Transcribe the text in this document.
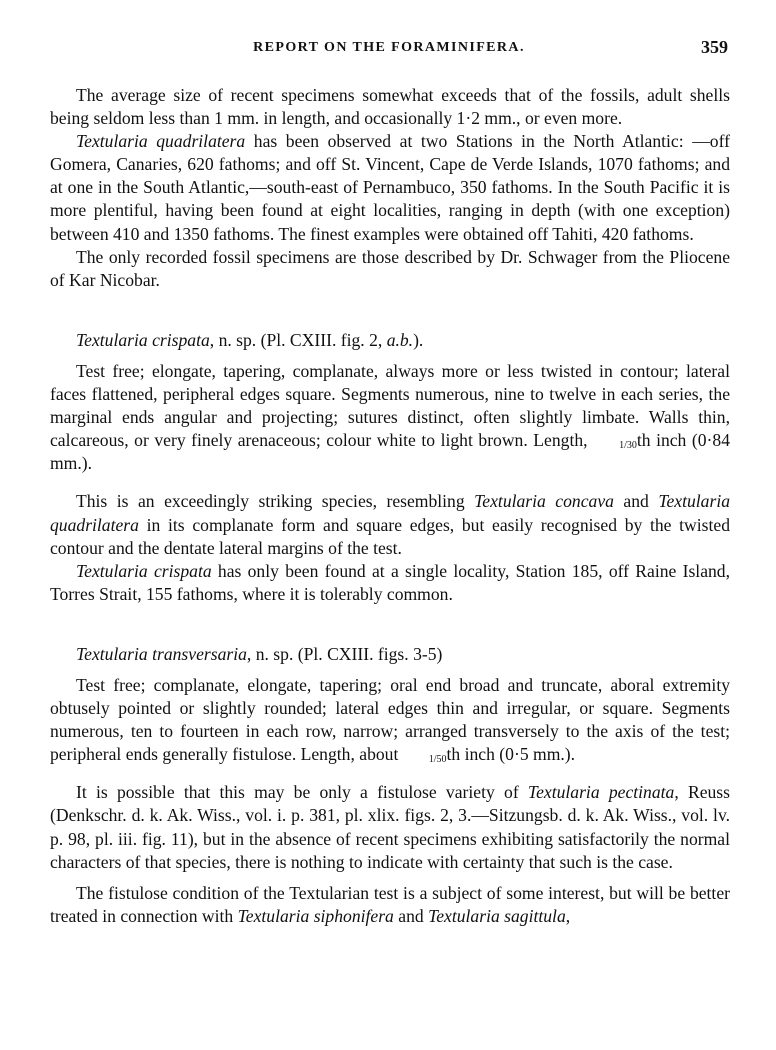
REPORT ON THE FORAMINIFERA.	359

The average size of recent specimens somewhat exceeds that of the fossils, adult shells being seldom less than 1 mm. in length, and occasionally 1·2 mm., or even more.

Textularia quadrilatera has been observed at two Stations in the North Atlantic: —off Gomera, Canaries, 620 fathoms; and off St. Vincent, Cape de Verde Islands, 1070 fathoms; and at one in the South Atlantic,—south-east of Pernambuco, 350 fathoms. In the South Pacific it is more plentiful, having been found at eight localities, ranging in depth (with one exception) between 410 and 1350 fathoms. The finest examples were obtained off Tahiti, 420 fathoms.

The only recorded fossil specimens are those described by Dr. Schwager from the Pliocene of Kar Nicobar.

Textularia crispata, n. sp. (Pl. CXIII. fig. 2, a.b.).

Test free; elongate, tapering, complanate, always more or less twisted in contour; lateral faces flattened, peripheral edges square. Segments numerous, nine to twelve in each series, the marginal ends angular and projecting; sutures distinct, often slightly limbate. Walls thin, calcareous, or very finely arenaceous; colour white to light brown. Length,	1/30th inch (0·84 mm.).

This is an exceedingly striking species, resembling Textularia concava and Textularia quadrilatera in its complanate form and square edges, but easily recognised by the twisted contour and the dentate lateral margins of the test.

Textularia crispata has only been found at a single locality, Station 185, off Raine Island, Torres Strait, 155 fathoms, where it is tolerably common.

Textularia transversaria, n. sp. (Pl. CXIII. figs. 3-5)

Test free; complanate, elongate, tapering; oral end broad and truncate, aboral extremity obtusely pointed or slightly rounded; lateral edges thin and irregular, or square. Segments numerous, ten to fourteen in each row, narrow; arranged transversely to the axis of the test; peripheral ends generally fistulose. Length, about	1/50th inch (0·5 mm.).

It is possible that this may be only a fistulose variety of Textularia pectinata, Reuss (Denkschr. d. k. Ak. Wiss., vol. i. p. 381, pl. xlix. figs. 2, 3.—Sitzungsb. d. k. Ak. Wiss., vol. lv. p. 98, pl. iii. fig. 11), but in the absence of recent specimens exhibiting satisfactorily the normal characters of that species, there is nothing to indicate with certainty that such is the case.

The fistulose condition of the Textularian test is a subject of some interest, but will be better treated in connection with Textularia siphonifera and Textularia sagittula,
